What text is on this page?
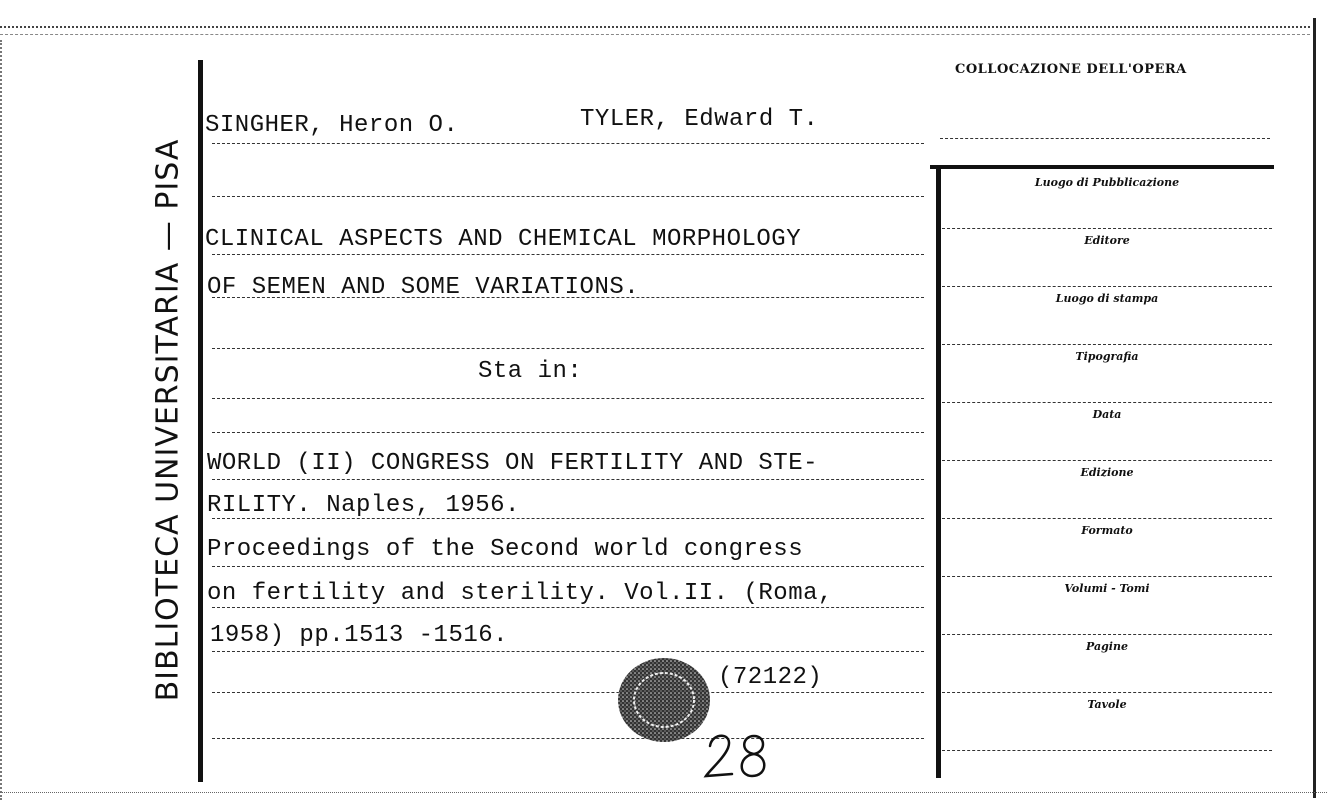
BIBLIOTECA UNIVERSITARIA — PISA
SINGHER, Heron O.	TYLER, Edward T.
CLINICAL ASPECTS AND CHEMICAL MORPHOLOGY
OF SEMEN AND SOME VARIATIONS.
Sta in:
WORLD (II) CONGRESS ON FERTILITY AND STE-
RILITY. Naples, 1956.
Proceedings of the Second world congress
on fertility and sterility. Vol.II. (Roma,
1958) pp.1513 -1516.
(72122)
COLLOCAZIONE DELL'OPERA
Luogo di Pubblicazione
Editore
Luogo di stampa
Tipografia
Data
Edizione
Formato
Volumi - Tomi
Pagine
Tavole
